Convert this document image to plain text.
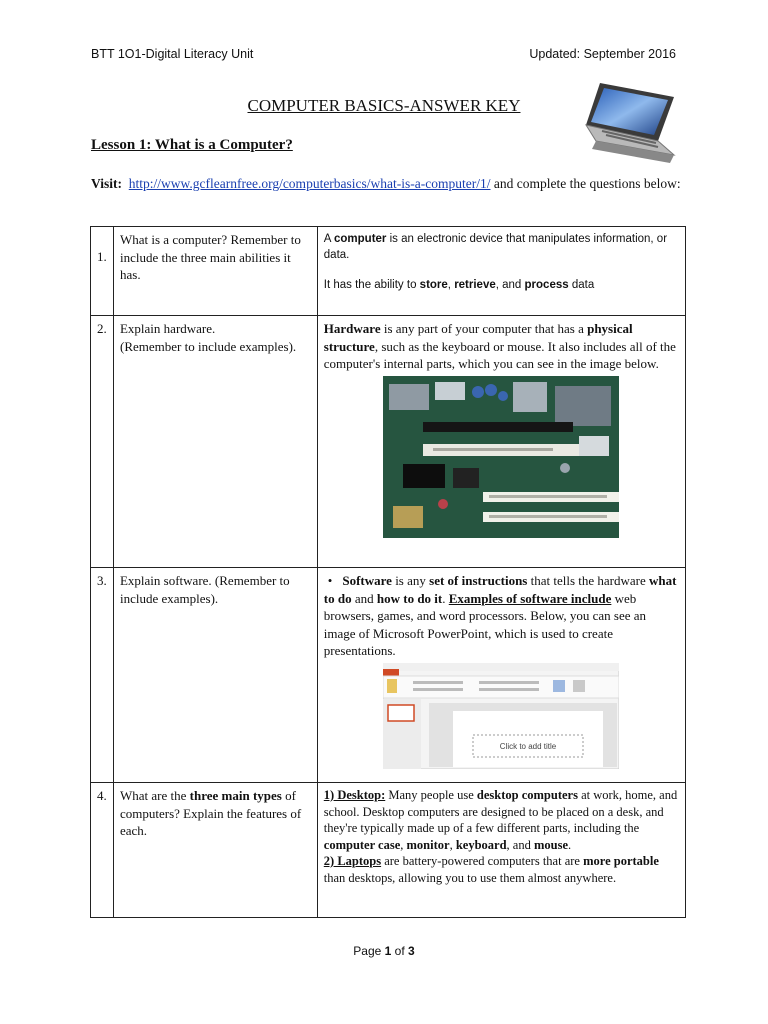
BTT 1O1-Digital Literacy Unit	Updated: September 2016
COMPUTER BASICS-ANSWER KEY
Lesson 1: What is a Computer?
Visit: http://www.gcflearnfree.org/computerbasics/what-is-a-computer/1/ and complete the questions below:
1.	What is a computer? Remember to include the three main abilities it has.	A computer is an electronic device that manipulates information, or data.
It has the ability to store, retrieve, and process data

2.	Explain hardware.
(Remember to include examples).	Hardware is any part of your computer that has a physical structure, such as the keyboard or mouse. It also includes all of the computer's internal parts, which you can see in the image below.

3.	Explain software. (Remember to include examples).	• Software is any set of instructions that tells the hardware what to do and how to do it. Examples of software include web browsers, games, and word processors. Below, you can see an image of Microsoft PowerPoint, which is used to create presentations.
Click to add title

4.	What are the three main types of computers? Explain the features of each.	1) Desktop: Many people use desktop computers at work, home, and school. Desktop computers are designed to be placed on a desk, and they're typically made up of a few different parts, including the computer case, monitor, keyboard, and mouse.
2) Laptops are battery-powered computers that are more portable than desktops, allowing you to use them almost anywhere.
Page 1 of 3
